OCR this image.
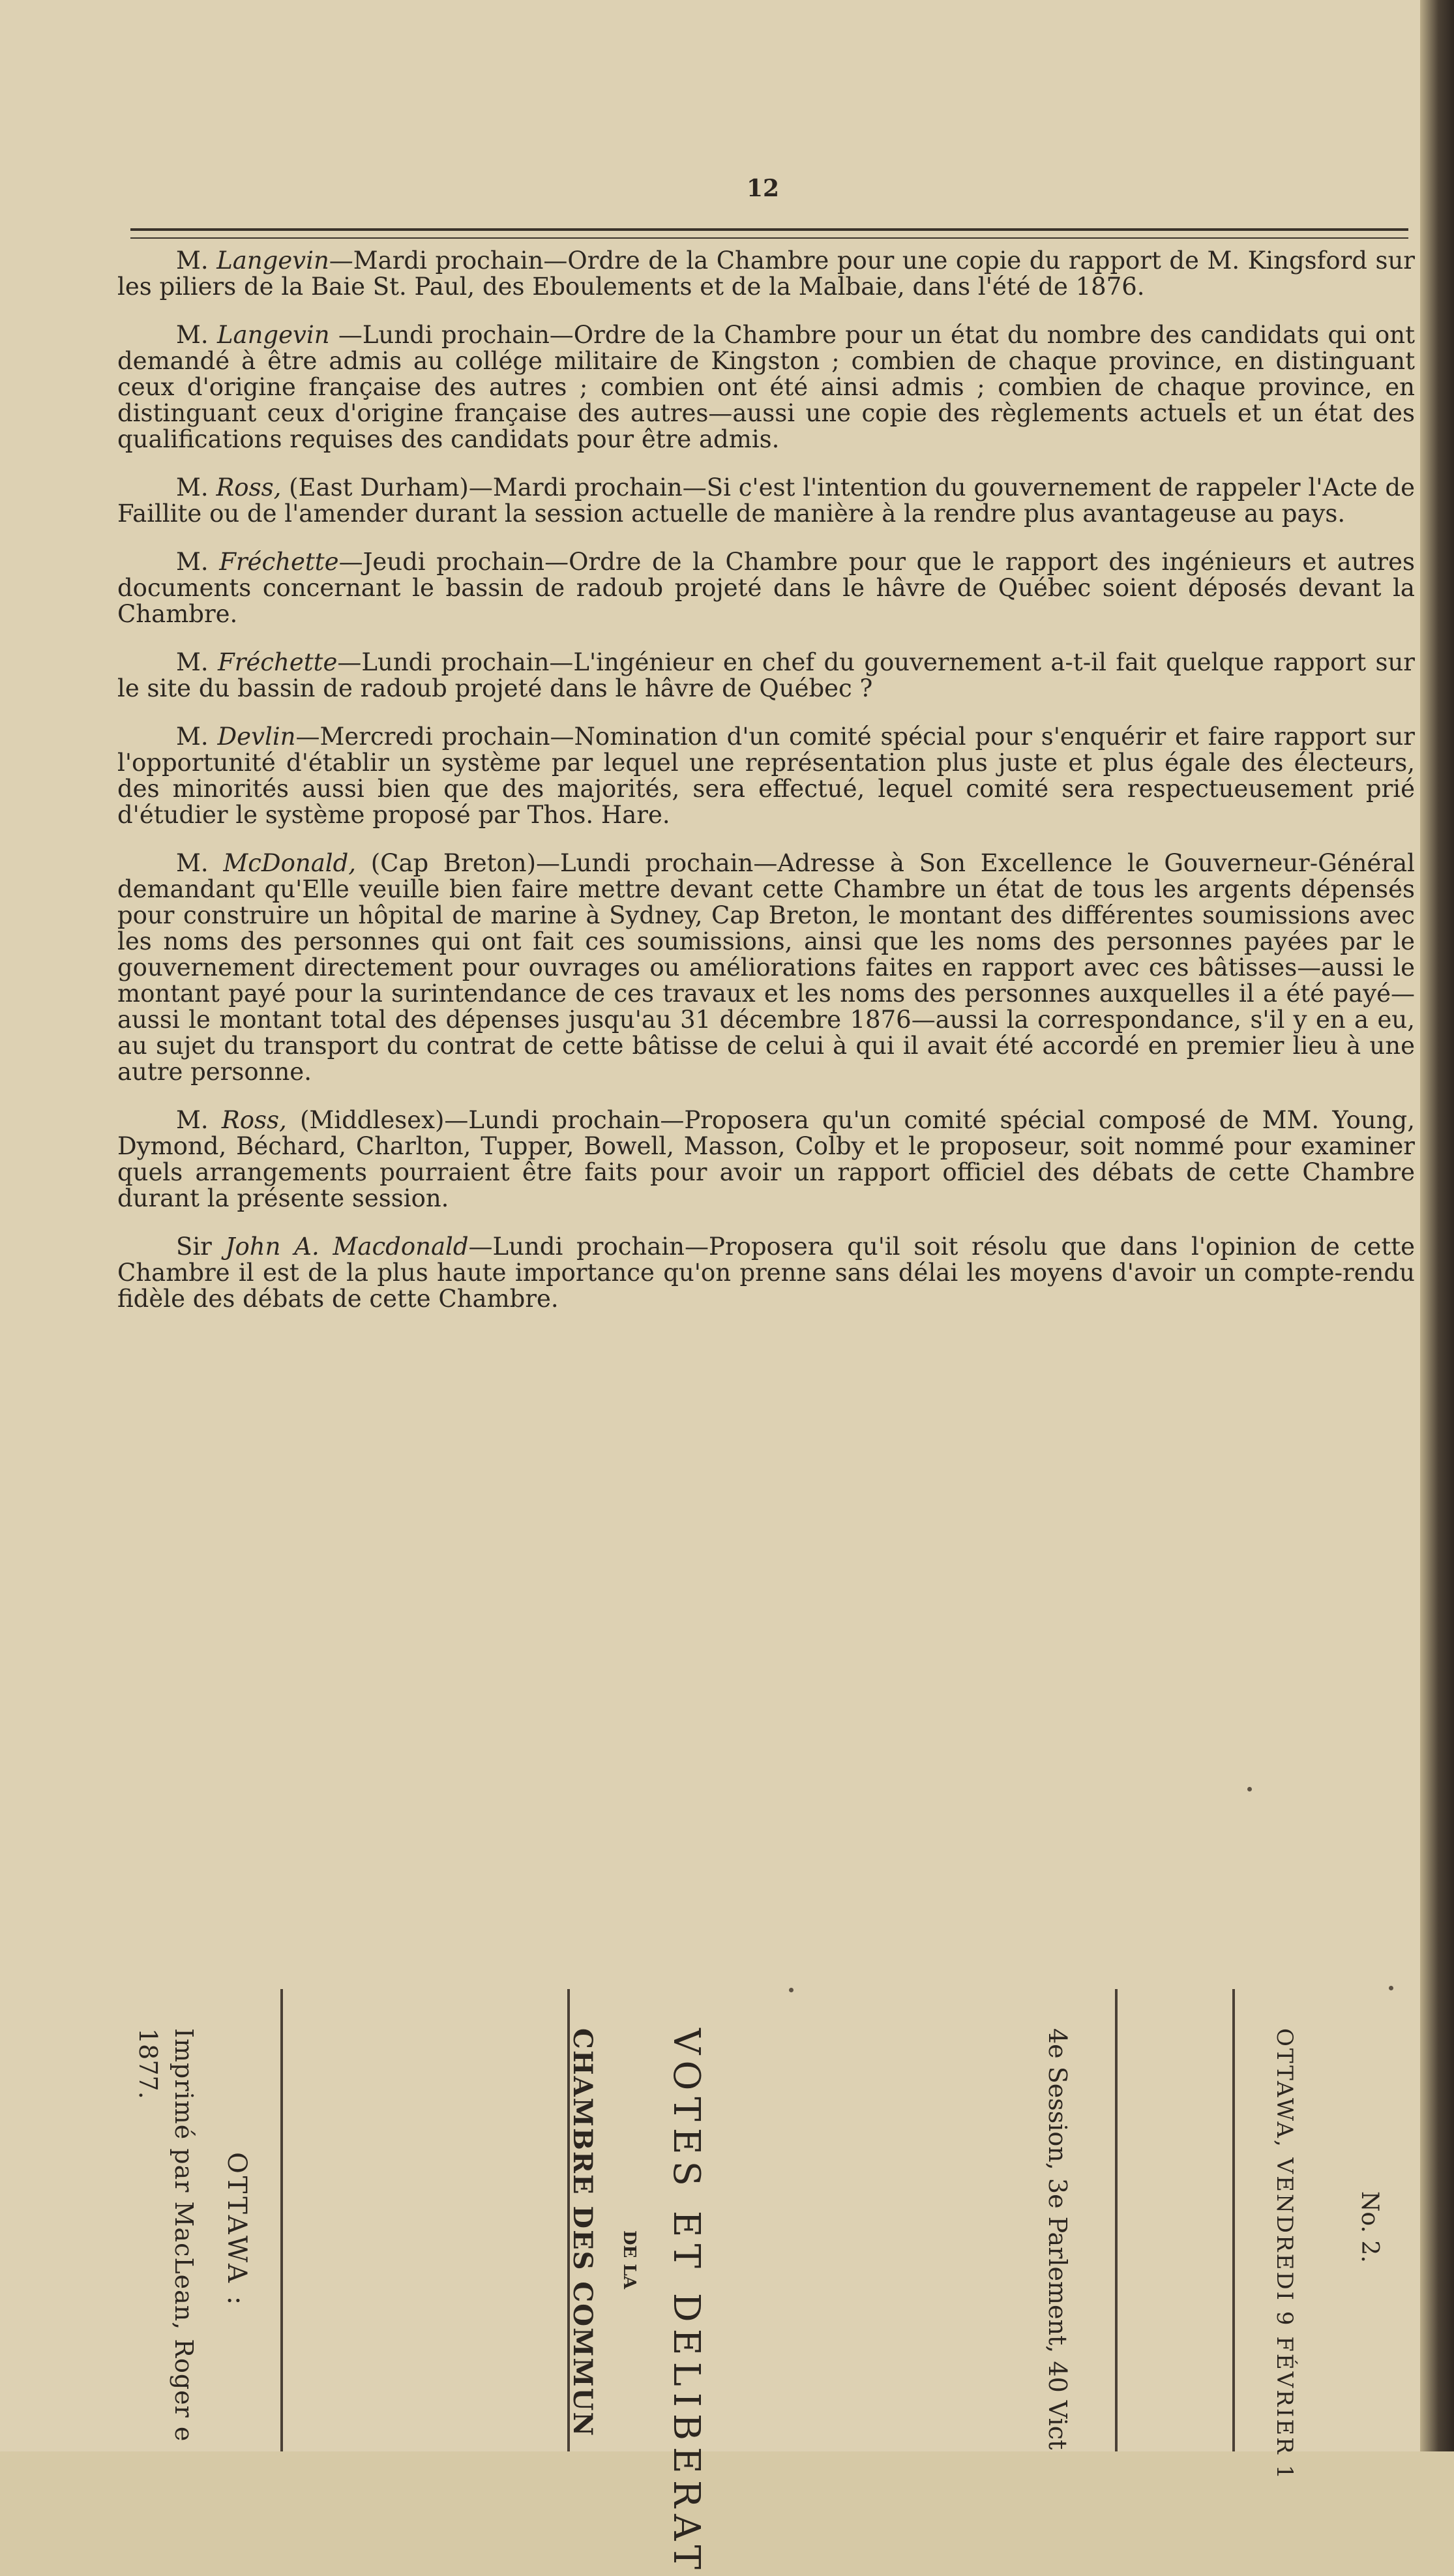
12

M. Langevin—Mardi prochain—Ordre de la Chambre pour une copie du rapport de M. Kingsford sur les piliers de la Baie St. Paul, des Eboulements et de la Malbaie, dans l'été de 1876.

M. Langevin —Lundi prochain—Ordre de la Chambre pour un état du nombre des candidats qui ont demandé à être admis au collége militaire de Kingston ; combien de chaque province, en distinguant ceux d'origine française des autres ; combien ont été ainsi admis ; combien de chaque province, en distinguant ceux d'origine française des autres—aussi une copie des règlements actuels et un état des qualifications requises des candidats pour être admis.

M. Ross, (East Durham)—Mardi prochain—Si c'est l'intention du gouvernement de rappeler l'Acte de Faillite ou de l'amender durant la session actuelle de manière à la rendre plus avantageuse au pays.

M. Fréchette—Jeudi prochain—Ordre de la Chambre pour que le rapport des ingénieurs et autres documents concernant le bassin de radoub projeté dans le hâvre de Québec soient déposés devant la Chambre.

M. Fréchette—Lundi prochain—L'ingénieur en chef du gouvernement a-t-il fait quelque rapport sur le site du bassin de radoub projeté dans le hâvre de Québec ?

M. Devlin—Mercredi prochain—Nomination d'un comité spécial pour s'enquérir et faire rapport sur l'opportunité d'établir un système par lequel une représentation plus juste et plus égale des électeurs, des minorités aussi bien que des majorités, sera effectué, lequel comité sera respectueusement prié d'étudier le système proposé par Thos. Hare.

M. McDonald, (Cap Breton)—Lundi prochain—Adresse à Son Excellence le Gouverneur-Général demandant qu'Elle veuille bien faire mettre devant cette Chambre un état de tous les argents dépensés pour construire un hôpital de marine à Sydney, Cap Breton, le montant des différentes soumissions avec les noms des personnes qui ont fait ces soumissions, ainsi que les noms des personnes payées par le gouvernement directement pour ouvrages ou améliorations faites en rapport avec ces bâtisses—aussi le montant payé pour la surintendance de ces travaux et les noms des personnes auxquelles il a été payé—aussi le montant total des dépenses jusqu'au 31 décembre 1876—aussi la correspondance, s'il y en a eu, au sujet du transport du contrat de cette bâtisse de celui à qui il avait été accordé en premier lieu à une autre personne.

M. Ross, (Middlesex)—Lundi prochain—Proposera qu'un comité spécial composé de MM. Young, Dymond, Béchard, Charlton, Tupper, Bowell, Masson, Colby et le proposeur, soit nommé pour examiner quels arrangements pourraient être faits pour avoir un rapport officiel des débats de cette Chambre durant la présente session.

Sir John A. Macdonald—Lundi prochain—Proposera qu'il soit résolu que dans l'opinion de cette Chambre il est de la plus haute importance qu'on prenne sans délai les moyens d'avoir un compte-rendu fidèle des débats de cette Chambre.

1877. Imprimé par MacLean, Roger e OTTAWA :	CHAMBRE DES COMMUN DE LA VOTES ET DELIBERAT	4e Session, 3e Parlement, 40 Vict	OTTAWA, VENDREDI 9 FÉVRIER 1	No. 2.
